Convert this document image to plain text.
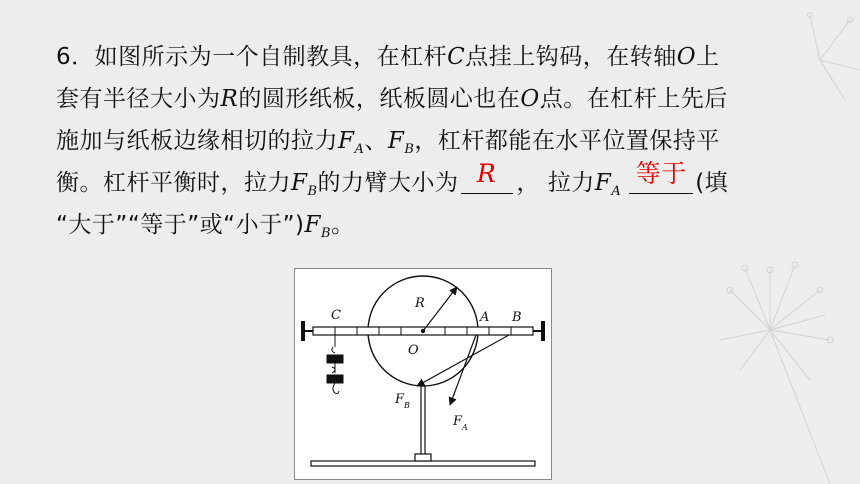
6．如图所示为一个自制教具，在杠杆C点挂上钩码，在转轴O上
套有半径大小为R的圆形纸板，纸板圆心也在O点。在杠杆上先后
施加与纸板边缘相切的拉力$F_A$、$F_B$，杠杆都能在水平位置保持平
衡。杠杆平衡时，拉力$F_B$的力臂大小为 R ， 拉力$F_A$
等于 (填
“大于”“等于”或“小于$”)F_B$。
C
R
A B
O
F B
F A
